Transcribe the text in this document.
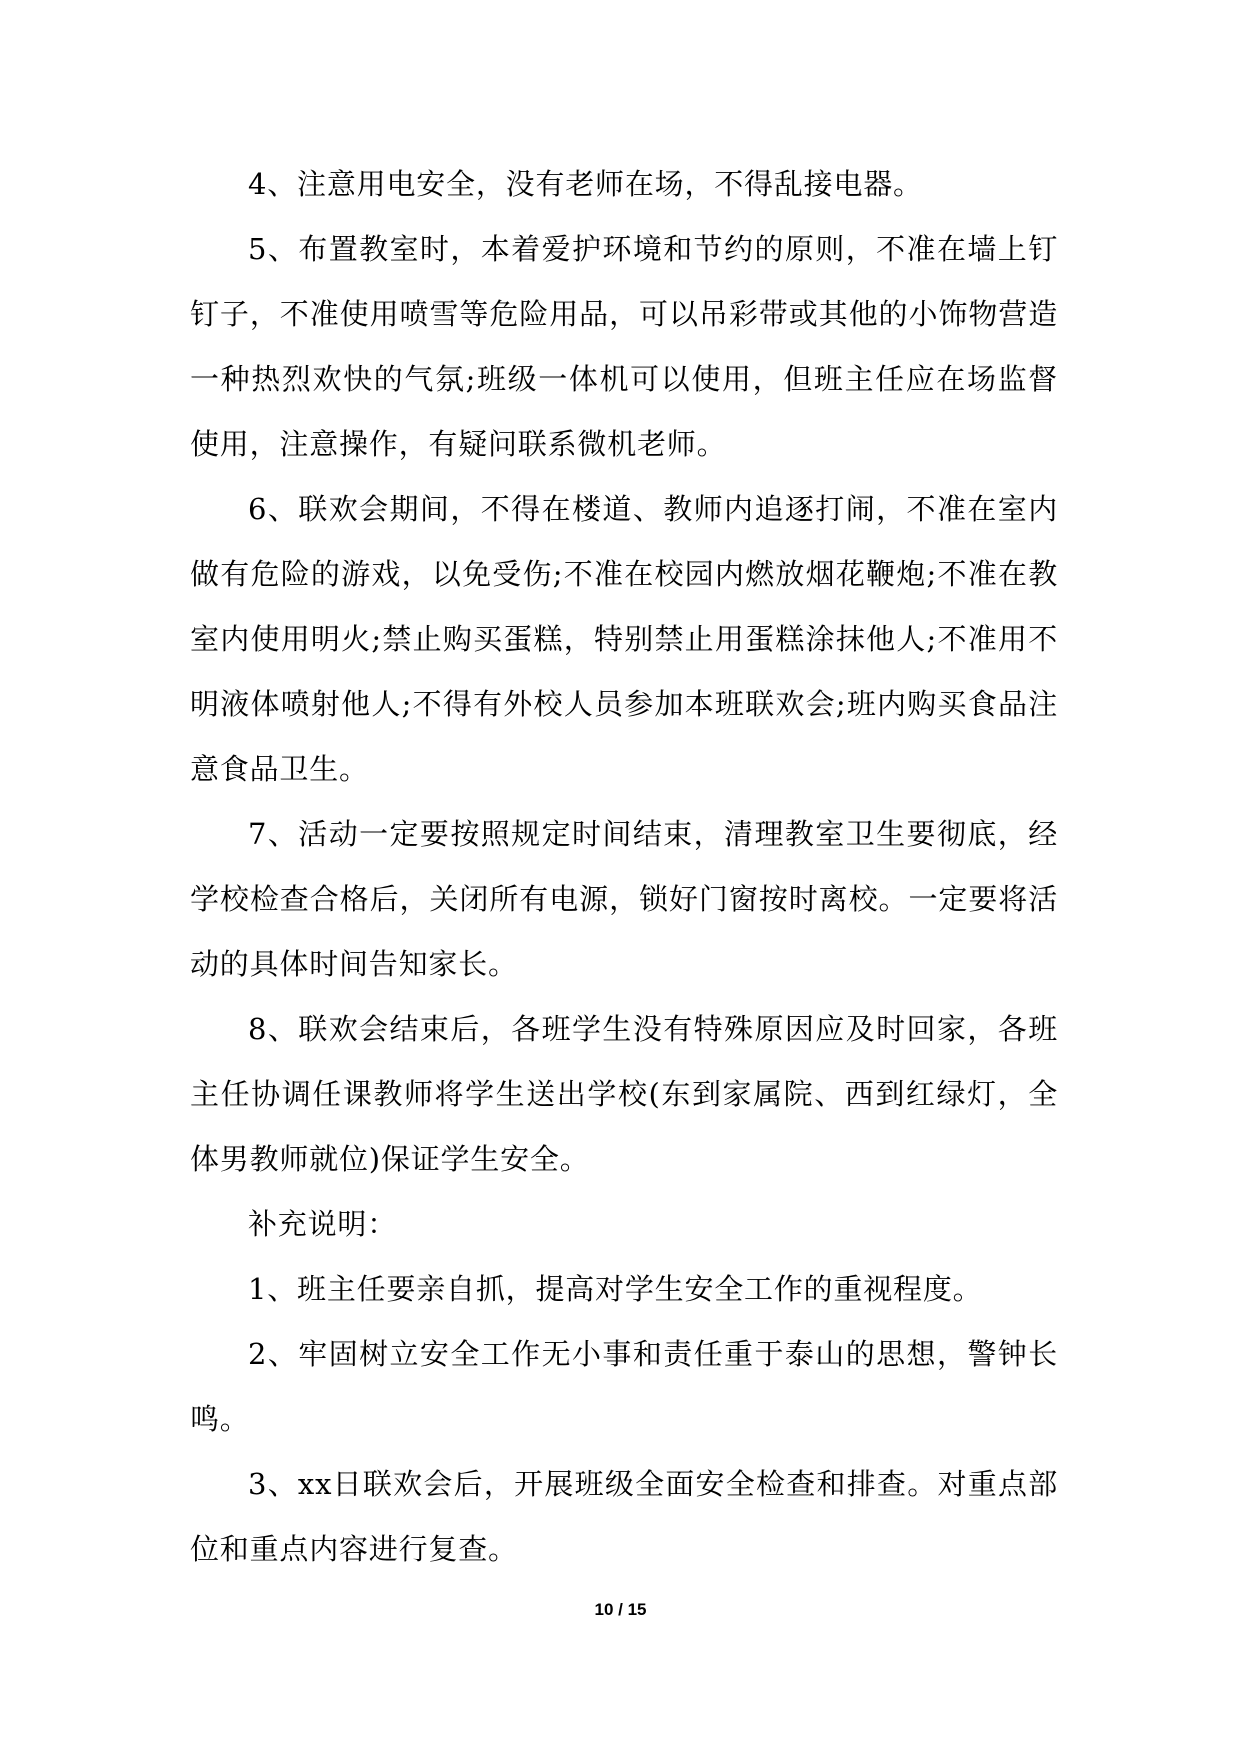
4、注意用电安全，没有老师在场，不得乱接电器。

5、布置教室时，本着爱护环境和节约的原则，不准在墙上钉钉子，不准使用喷雪等危险用品，可以吊彩带或其他的小饰物营造一种热烈欢快的气氛;班级一体机可以使用，但班主任应在场监督使用，注意操作，有疑问联系微机老师。

6、联欢会期间，不得在楼道、教师内追逐打闹，不准在室内做有危险的游戏，以免受伤;不准在校园内燃放烟花鞭炮;不准在教室内使用明火;禁止购买蛋糕，特别禁止用蛋糕涂抹他人;不准用不明液体喷射他人;不得有外校人员参加本班联欢会;班内购买食品注意食品卫生。

7、活动一定要按照规定时间结束，清理教室卫生要彻底，经学校检查合格后，关闭所有电源，锁好门窗按时离校。一定要将活动的具体时间告知家长。

8、联欢会结束后，各班学生没有特殊原因应及时回家，各班主任协调任课教师将学生送出学校(东到家属院、西到红绿灯，全体男教师就位)保证学生安全。

补充说明：

1、班主任要亲自抓，提高对学生安全工作的重视程度。

2、牢固树立安全工作无小事和责任重于泰山的思想，警钟长鸣。

3、xx日联欢会后，开展班级全面安全检查和排查。对重点部位和重点内容进行复查。

10 / 15
